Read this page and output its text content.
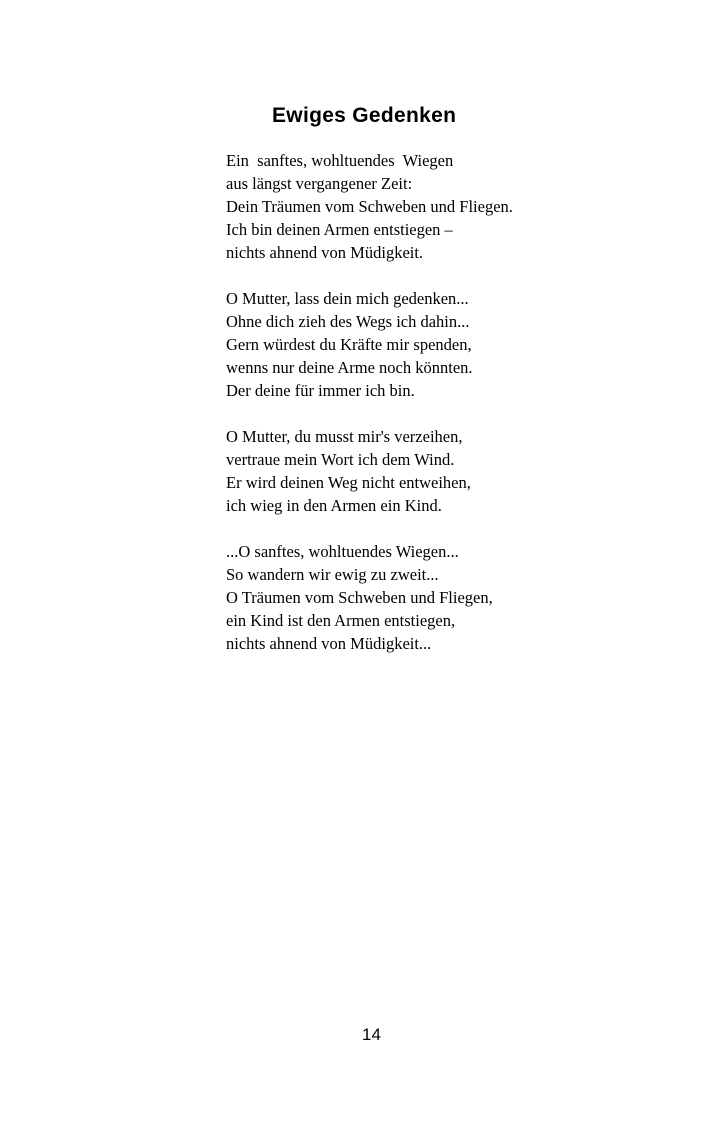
Ewiges Gedenken
Ein  sanftes, wohltuendes  Wiegen
aus längst vergangener Zeit:
Dein Träumen vom Schweben und Fliegen.
Ich bin deinen Armen entstiegen –
nichts ahnend von Müdigkeit.
O Mutter, lass dein mich gedenken...
Ohne dich zieh des Wegs ich dahin...
Gern würdest du Kräfte mir spenden,
wenns nur deine Arme noch könnten.
Der deine für immer ich bin.
O Mutter, du musst mir's verzeihen,
vertraue mein Wort ich dem Wind.
Er wird deinen Weg nicht entweihen,
ich wieg in den Armen ein Kind.
...O sanftes, wohltuendes Wiegen...
So wandern wir ewig zu zweit...
O Träumen vom Schweben und Fliegen,
ein Kind ist den Armen entstiegen,
nichts ahnend von Müdigkeit...
14
